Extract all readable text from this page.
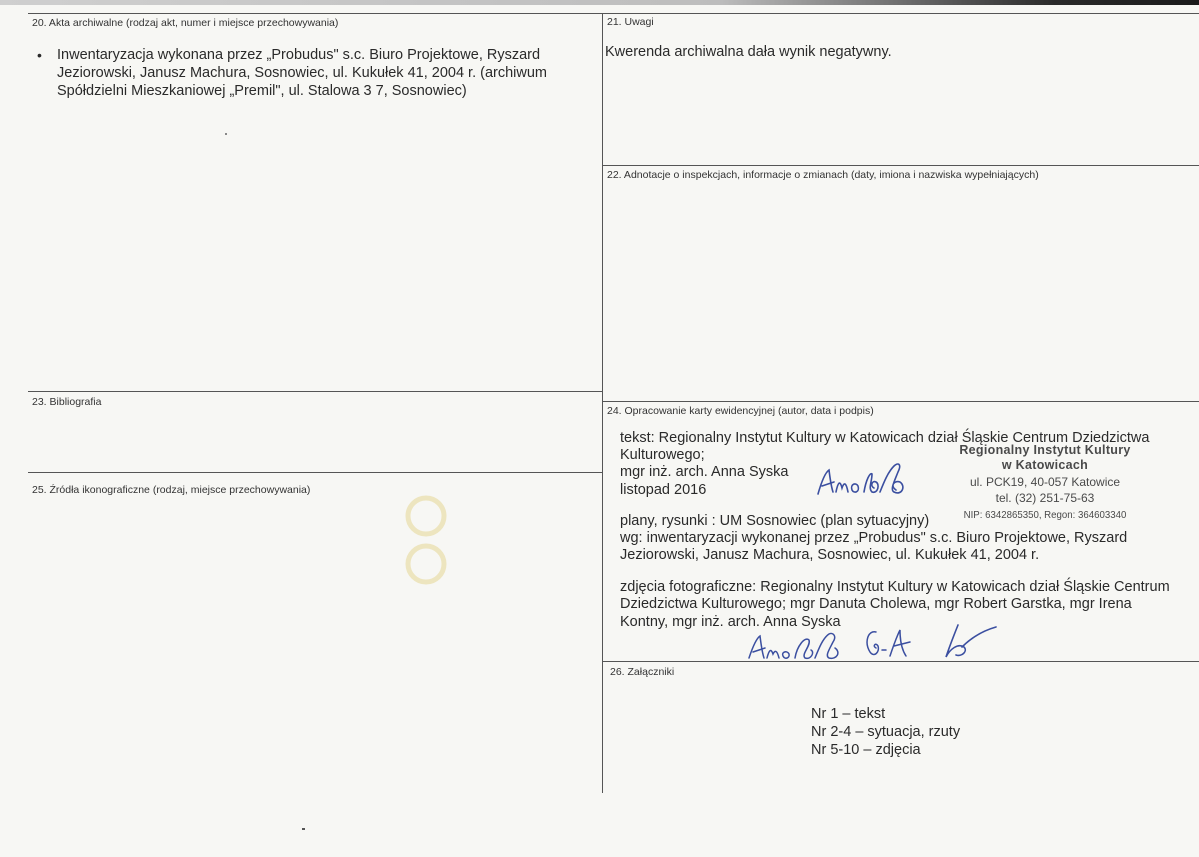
20. Akta archiwalne (rodzaj akt, numer i miejsce przechowywania)
• Inwentaryzacja wykonana przez „Probudus" s.c. Biuro Projektowe, Ryszard Jeziorowski, Janusz Machura, Sosnowiec, ul. Kukułek 41, 2004 r. (archiwum Spółdzielni Mieszkaniowej „Premil", ul. Stalowa 3 7, Sosnowiec)
21. Uwagi
Kwerenda archiwalna dała wynik negatywny.
22. Adnotacje o inspekcjach, informacje o zmianach (daty, imiona i nazwiska wypełniających)
23. Bibliografia
24. Opracowanie karty ewidencyjnej (autor, data i podpis)
tekst: Regionalny Instytut Kultury w Katowicach dział Śląskie Centrum Dziedzictwa
Kulturowego;
mgr inż. arch. Anna Syska
listopad 2016
Regionalny Instytut Kultury
w Katowicach
ul. PCK19, 40-057 Katowice
tel. (32) 251-75-63
NIP: 6342865350, Regon: 364603340
plany, rysunki : UM Sosnowiec (plan sytuacyjny)
wg: inwentaryzacji wykonanej przez „Probudus" s.c. Biuro Projektowe, Ryszard
Jeziorowski, Janusz Machura, Sosnowiec, ul. Kukułek 41, 2004 r.
zdjęcia fotograficzne: Regionalny Instytut Kultury w Katowicach dział Śląskie Centrum
Dziedzictwa Kulturowego; mgr Danuta Cholewa, mgr Robert Garstka, mgr Irena
Kontny, mgr inż. arch. Anna Syska
25. Źródła ikonograficzne (rodzaj, miejsce przechowywania)
26. Załączniki
Nr 1 – tekst
Nr 2-4 – sytuacja, rzuty
Nr 5-10 – zdjęcia
